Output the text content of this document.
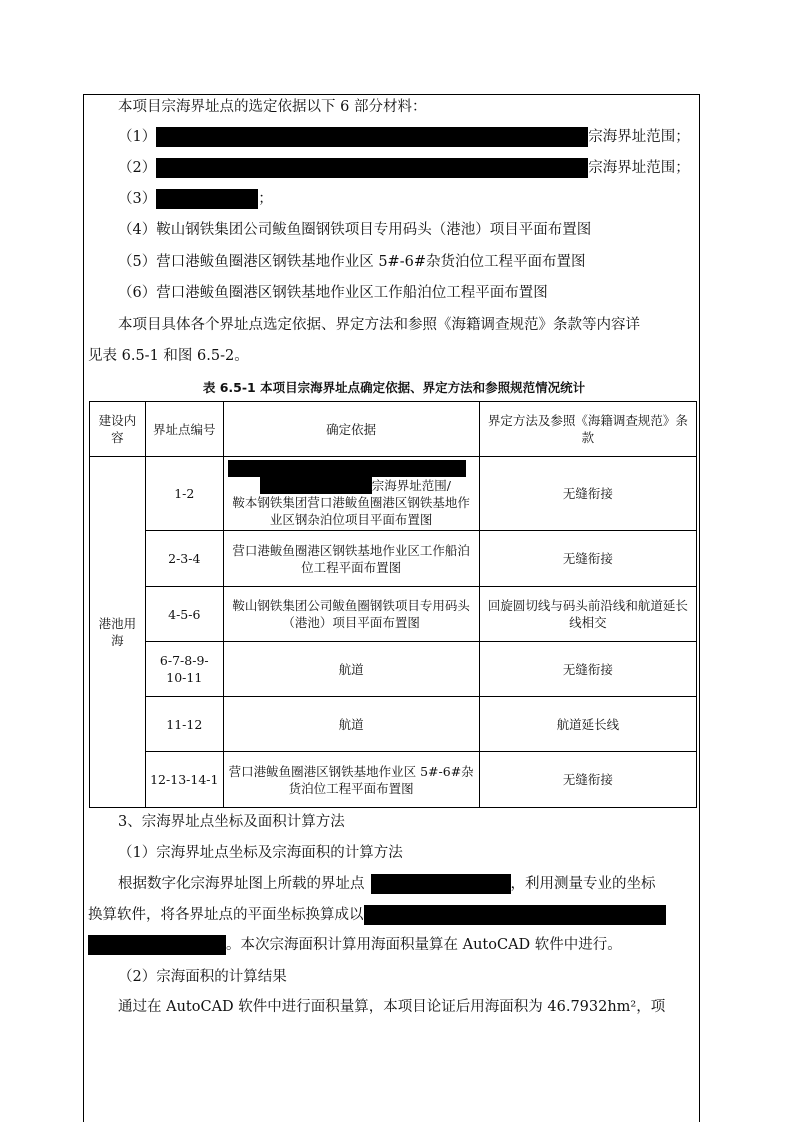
本项目宗海界址点的选定依据以下 6 部分材料：
（1）	宗海界址范围；
（2）	宗海界址范围；
（3）	；
（4）鞍山钢铁集团公司鲅鱼圈钢铁项目专用码头（港池）项目平面布置图
（5）营口港鲅鱼圈港区钢铁基地作业区 5#-6#杂货泊位工程平面布置图
（6）营口港鲅鱼圈港区钢铁基地作业区工作船泊位工程平面布置图
本项目具体各个界址点选定依据、界定方法和参照《海籍调查规范》条款等内容详
见表 6.5-1 和图 6.5-2。
表 6.5-1 本项目宗海界址点确定依据、界定方法和参照规范情况统计
建设内容	界址点编号	确定依据	界定方法及参照《海籍调查规范》条款
港池用海	1-2	宗海界址范围/
鞍本钢铁集团营口港鲅鱼圈港区钢铁基地作业区钢杂泊位项目平面布置图	无缝衔接
	2-3-4	营口港鲅鱼圈港区钢铁基地作业区工作船泊位工程平面布置图	无缝衔接
	4-5-6	鞍山钢铁集团公司鲅鱼圈钢铁项目专用码头（港池）项目平面布置图	回旋圆切线与码头前沿线和航道延长线相交
	6-7-8-9-10-11	航道	无缝衔接
	11-12	航道	航道延长线
	12-13-14-1	营口港鲅鱼圈港区钢铁基地作业区 5#-6#杂货泊位工程平面布置图	无缝衔接
3、宗海界址点坐标及面积计算方法
（1）宗海界址点坐标及宗海面积的计算方法
根据数字化宗海界址图上所载的界址点	，利用测量专业的坐标
换算软件，将各界址点的平面坐标换算成以
。本次宗海面积计算用海面积量算在 AutoCAD 软件中进行。
（2）宗海面积的计算结果
通过在 AutoCAD 软件中进行面积量算，本项目论证后用海面积为 46.7932hm²，项
